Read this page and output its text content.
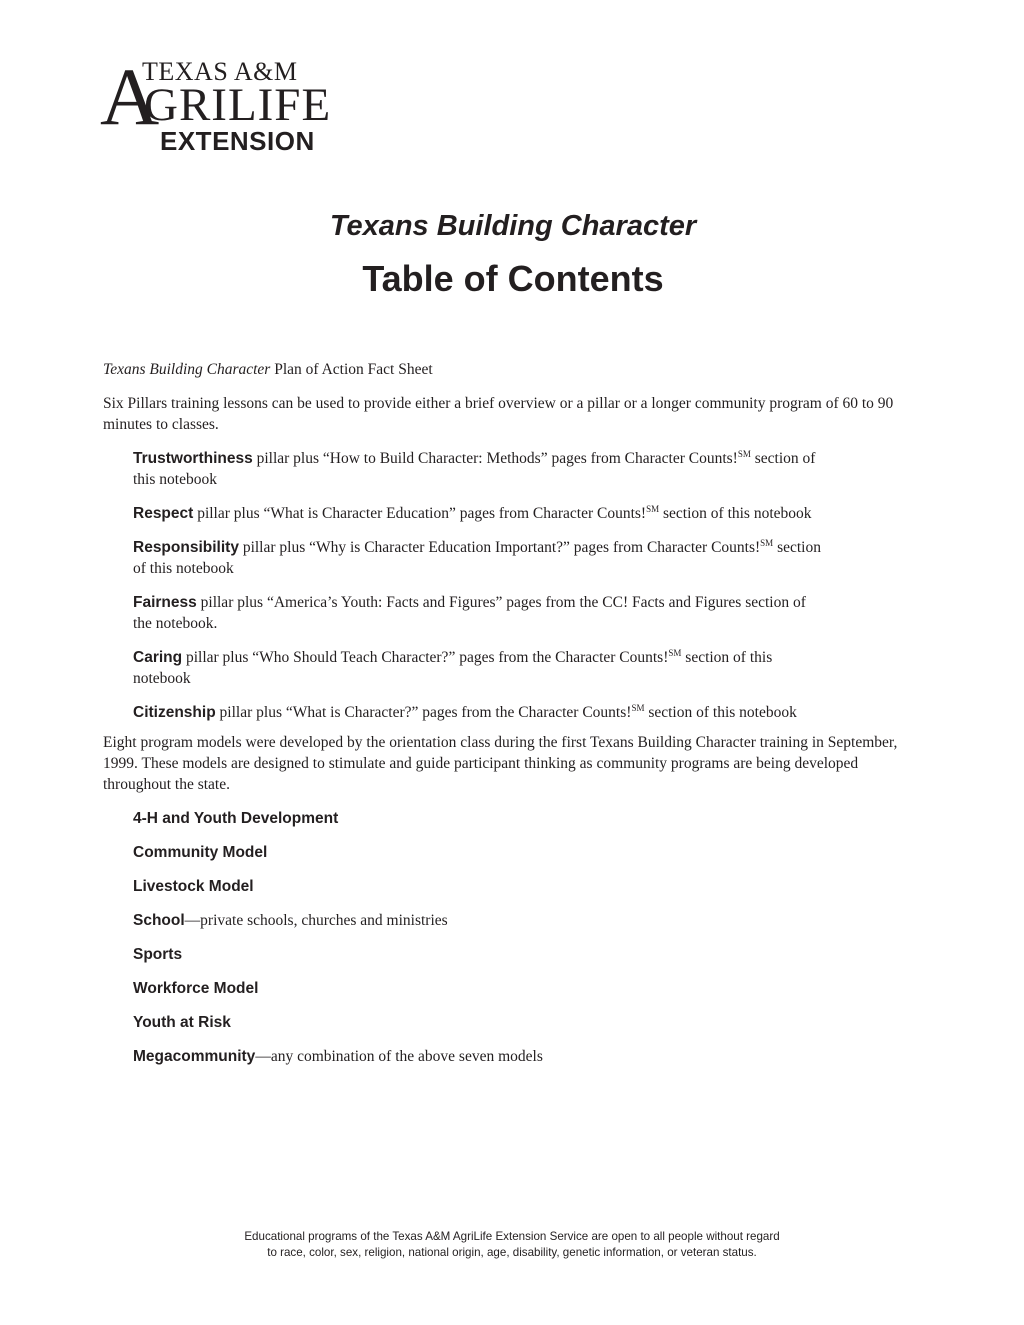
A
TEXAS A&M
GRILIFE
EXTENSION
Texans Building Character
Table of Contents

Texans Building Character Plan of Action Fact Sheet

Six Pillars training lessons can be used to provide either a brief overview or a pillar or a longer community program of 60 to 90 minutes to classes.

Trustworthiness pillar plus “How to Build Character: Methods” pages from Character Counts!℠ section of this notebook
Respect pillar plus “What is Character Education” pages from Character Counts!℠ section of this notebook
Responsibility pillar plus “Why is Character Education Important?” pages from Character Counts!℠ section of this notebook
Fairness pillar plus “America’s Youth: Facts and Figures” pages from the CC! Facts and Figures section of the notebook.
Caring pillar plus “Who Should Teach Character?” pages from the Character Counts!℠ section of this notebook
Citizenship pillar plus “What is Character?” pages from the Character Counts!℠ section of this notebook

Eight program models were developed by the orientation class during the first Texans Building Character training in September, 1999. These models are designed to stimulate and guide participant thinking as community programs are being developed throughout the state.

4-H and Youth Development
Community Model
Livestock Model
School—private schools, churches and ministries
Sports
Workforce Model
Youth at Risk
Megacommunity—any combination of the above seven models
Educational programs of the Texas A&M AgriLife Extension Service are open to all people without regard
to race, color, sex, religion, national origin, age, disability, genetic information, or veteran status.
